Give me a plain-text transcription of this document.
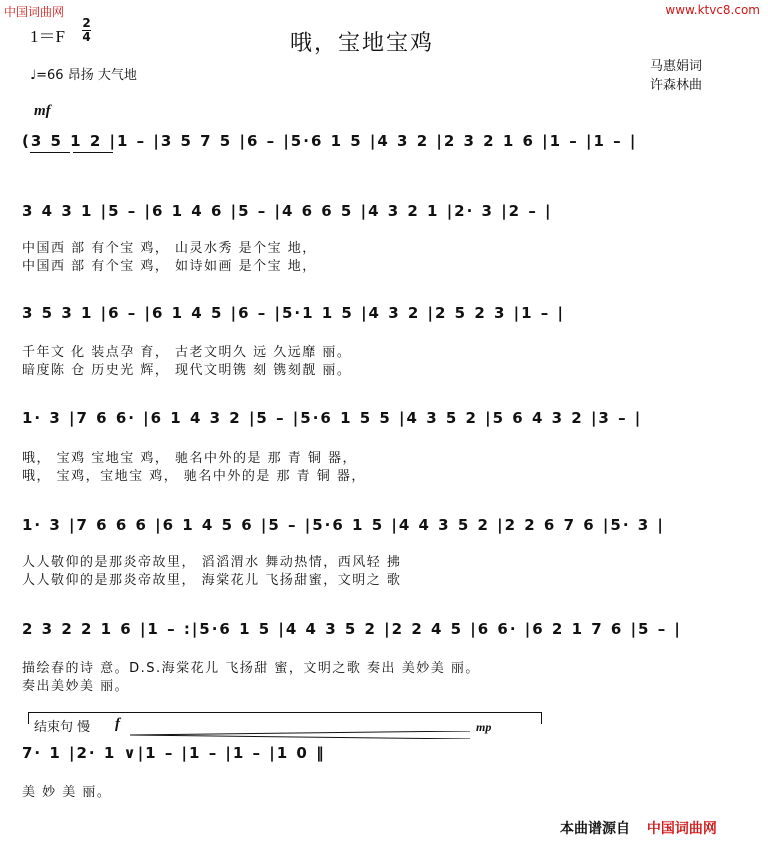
中国词曲网	www.ktvc8.com
1＝F
2
4	哦，宝地宝鸡
♩=66 昂扬 大气地
马惠娟词
许森林曲
mf
(3 5 1 2 |1 – |3 5 7 5 |6 – |5·6 1 5 |4 3 2 |2 3 2 1 6 |1 – |1 – |
3 4 3 1 |5 – |6 1 4 6 |5 – |4 6 6 5 |4 3 2 1 |2· 3 |2 – |
中国西 部 有个宝 鸡， 山灵水秀 是个宝 地，
中国西 部 有个宝 鸡， 如诗如画 是个宝 地，
3 5 3 1 |6 – |6 1 4 5 |6 – |5·1 1 5 |4 3 2 |2 5 2 3 |1 – |
千年文 化 装点孕 育， 古老文明久 远 久远靡 丽。
暗度陈 仓 历史光 辉， 现代文明镌 刻 镌刻靓 丽。
1· 3 |7 6 6· |6 1 4 3 2 |5 – |5·6 1 5 5 |4 3 5 2 |5 6 4 3 2 |3 – |
哦， 宝鸡 宝地宝 鸡， 驰名中外的是 那 青 铜 器，
哦， 宝鸡，宝地宝 鸡， 驰名中外的是 那 青 铜 器，
1· 3 |7 6 6 6 |6 1 4 5 6 |5 – |5·6 1 5 |4 4 3 5 2 |2 2 6 7 6 |5· 3 |
人人敬仰的是那炎帝故里， 滔滔渭水 舞动热情，西风轻 拂
人人敬仰的是那炎帝故里， 海棠花儿 飞扬甜蜜，文明之 歌
2 3 2 2 1 6 |1 – :|5·6 1 5 |4 4 3 5 2 |2 2 4 5 |6 6· |6 2 1 7 6 |5 – |
描绘春的诗 意。D.S.海棠花儿 飞扬甜 蜜，文明之歌 奏出 美妙美 丽。
奏出美妙美 丽。
结束句 慢 f	mp
7· 1 |2· 1 ∨|1 – |1 – |1 – |1 0 ‖
美 妙 美 丽。
本曲谱源自 中国词曲网
